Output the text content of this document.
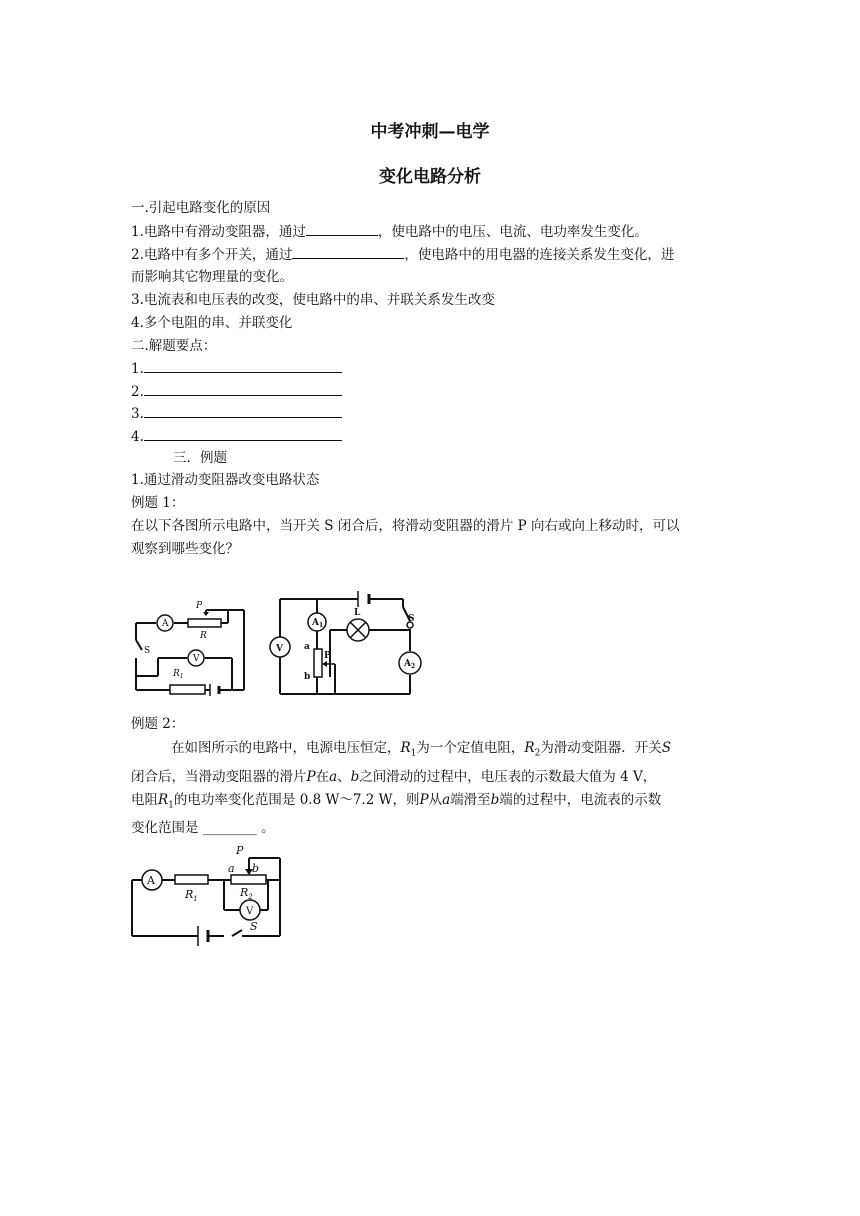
中考冲刺—电学
变化电路分析
一.引起电路变化的原因
1.电路中有滑动变阻器，通过	，使电路中的电压、电流、电功率发生变化。
2.电路中有多个开关，通过	，使电路中的用电器的连接关系发生变化，进
而影响其它物理量的变化。
3.电流表和电压表的改变，使电路中的串、并联关系发生改变
4.多个电阻的串、并联变化
二.解题要点：
1.
2.
3.
4.
三．例题
1.通过滑动变阻器改变电路状态
例题 1：
在以下各图所示电路中，当开关 S 闭合后，将滑动变阻器的滑片 P 向右或向上移动时，可以
观察到哪些变化？
A
V
P
R
$R_1$
S	V
$A_1$
$A_2$
L
S
a
b
P
例题 2：
在如图所示的电路中，电源电压恒定，$R_1$为一个定值电阻，$R_2$为滑动变阻器．开关S
闭合后，当滑动变阻器的滑片P在a、b之间滑动的过程中，电压表的示数最大值为 4 V，
电阻$R_1$的电功率变化范围是 0.8 W～7.2 W，则P从a端滑至b端的过程中，电流表的示数
变化范围是 ________ 。
A
$R_1$	$R_2$
V
S
P
a b
